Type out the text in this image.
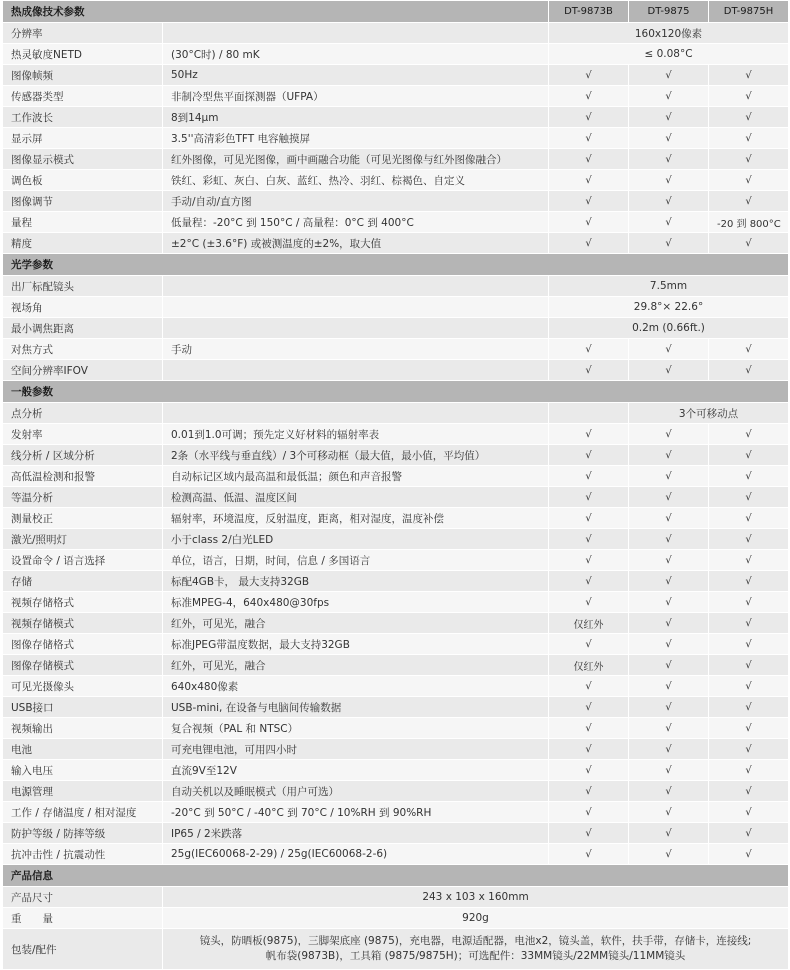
热成像技术参数		DT-9873B	DT-9875	DT-9875H
分辨率		160x120像素		
热灵敏度NETD	(30°C时) / 80 mK	≤ 0.08°C		
图像帧频	50Hz	√	√	√
传感器类型	非制冷型焦平面探测器（UFPA）	√	√	√
工作波长	8到14μm	√	√	√
显示屏	3.5''高清彩色TFT 电容触摸屏	√	√	√
图像显示模式	红外图像，可见光图像，画中画融合功能（可见光图像与红外图像融合）	√	√	√
调色板	铁红、彩虹、灰白、白灰、蓝红、热冷、羽红、棕褐色、自定义	√	√	√
图像调节	手动/自动/直方图	√	√	√
量程	低量程：-20°C 到 150°C / 高量程：0°C 到 400°C	√	√	-20 到 800°C
精度	±2°C (±3.6°F) 或被测温度的±2%，取大值	√	√	√
光学参数				
出厂标配镜头		7.5mm		
视场角		29.8°× 22.6°		
最小调焦距离		0.2m (0.66ft.)		
对焦方式	手动	√	√	√
空间分辨率IFOV		√	√	√
一般参数				
点分析			3个可移动点	
发射率	0.01到1.0可调；预先定义好材料的辐射率表	√	√	√
线分析 / 区域分析	2条（水平线与垂直线）/ 3个可移动框（最大值，最小值，平均值）	√	√	√
高低温检测和报警	自动标记区域内最高温和最低温；颜色和声音报警	√	√	√
等温分析	检测高温、低温、温度区间	√	√	√
测量校正	辐射率，环境温度，反射温度，距离，相对湿度，温度补偿	√	√	√
激光/照明灯	小于class 2/白光LED	√	√	√
设置命令 / 语言选择	单位，语言，日期，时间，信息 / 多国语言	√	√	√
存储	标配4GB卡， 最大支持32GB	√	√	√
视频存储格式	标准MPEG-4，640x480@30fps	√	√	√
视频存储模式	红外，可见光，融合	仅红外	√	√
图像存储格式	标准JPEG带温度数据，最大支持32GB	√	√	√
图像存储模式	红外，可见光，融合	仅红外	√	√
可见光摄像头	640x480像素	√	√	√
USB接口	USB-mini, 在设备与电脑间传输数据	√	√	√
视频输出	复合视频（PAL 和 NTSC）	√	√	√
电池	可充电锂电池，可用四小时	√	√	√
输入电压	直流9V至12V	√	√	√
电源管理	自动关机以及睡眠模式（用户可选）	√	√	√
工作 / 存储温度 / 相对湿度	-20°C 到 50°C / -40°C 到 70°C / 10%RH 到 90%RH	√	√	√
防护等级 / 防摔等级	IP65 / 2米跌落	√	√	√
抗冲击性 / 抗震动性	25g(IEC60068-2-29) / 25g(IEC60068-2-6)	√	√	√
产品信息				
产品尺寸	243 x 103 x 160mm			
重　　量	920g			
包装/配件	镜头，防晒板(9875)，三脚架底座 (9875)，充电器，电源适配器，电池x2，镜头盖，软件，扶手带，存储卡，连接线;
帆布袋(9873B)，工具箱 (9875/9875H)；可选配件：33MM镜头/22MM镜头/11MM镜头			
